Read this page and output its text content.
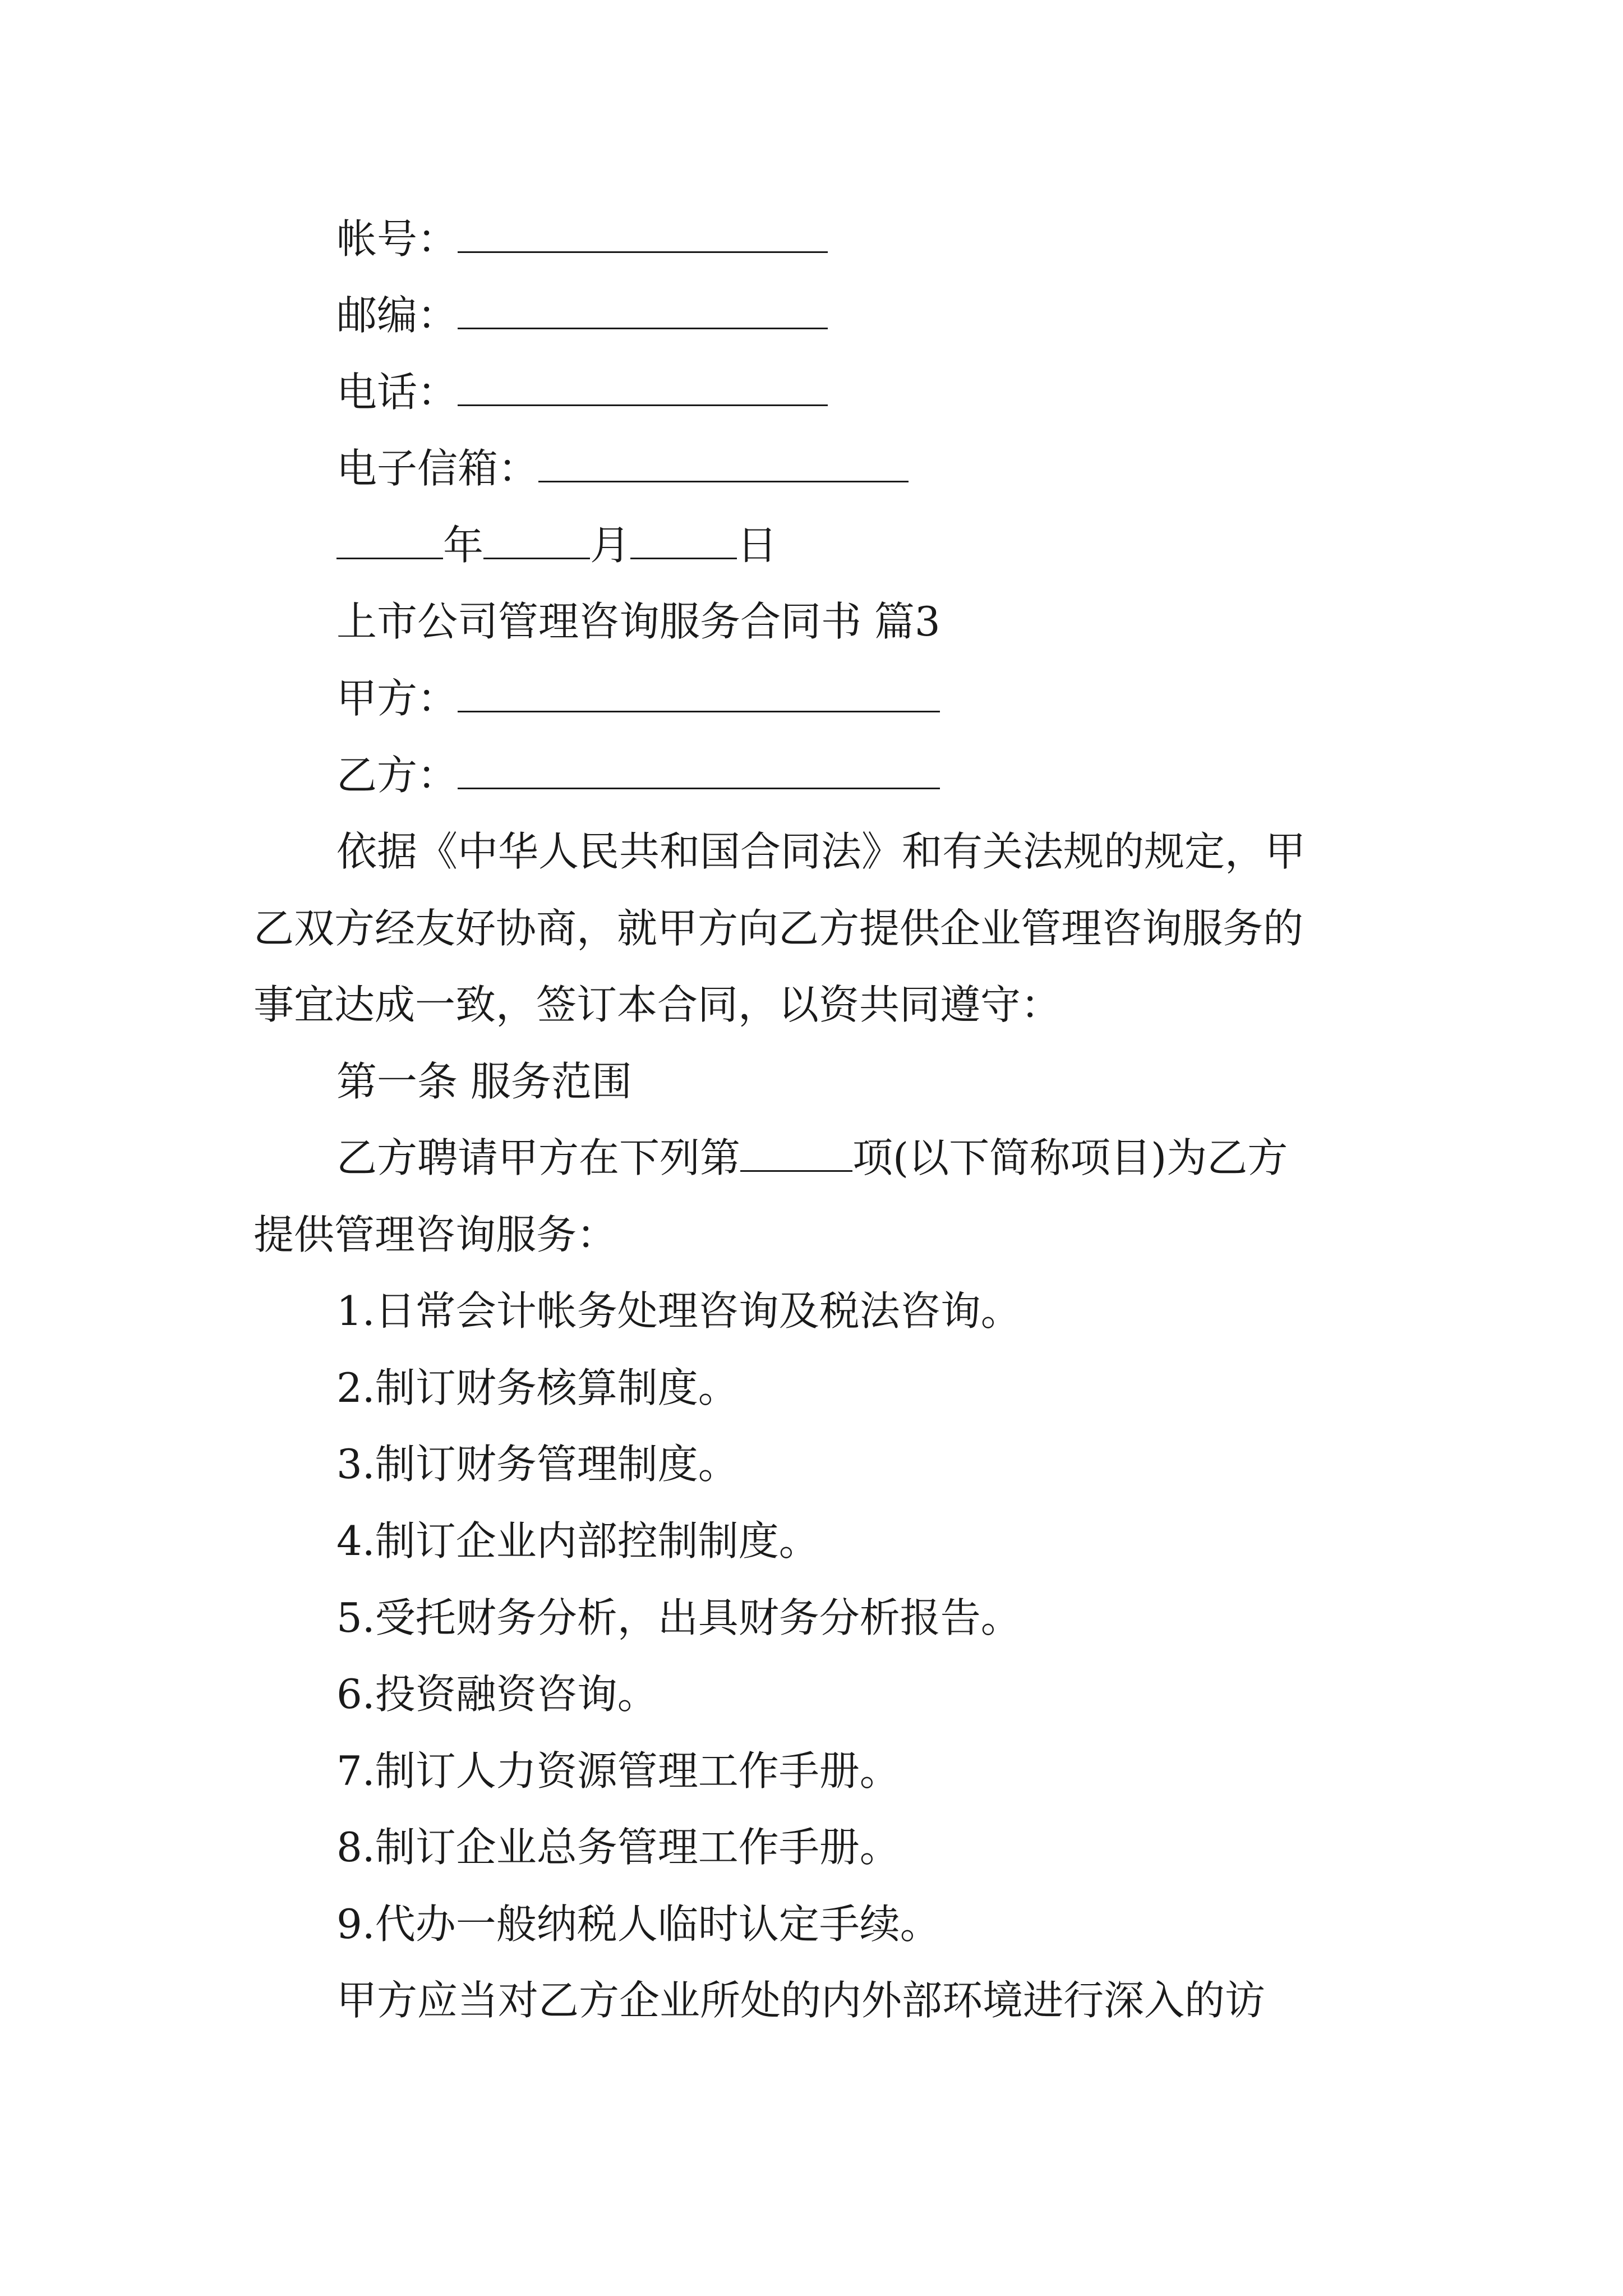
帐号：
邮编：
电话：
电子信箱：
年	月	日
上市公司管理咨询服务合同书 篇3
甲方：
乙方：
依据《中华人民共和国合同法》和有关法规的规定，甲
乙双方经友好协商，就甲方向乙方提供企业管理咨询服务的
事宜达成一致，签订本合同，以资共同遵守：
第一条 服务范围
乙方聘请甲方在下列第	项(以下简称项目)为乙方
提供管理咨询服务：
1.日常会计帐务处理咨询及税法咨询。
2.制订财务核算制度。
3.制订财务管理制度。
4.制订企业内部控制制度。
5.受托财务分析，出具财务分析报告。
6.投资融资咨询。
7.制订人力资源管理工作手册。
8.制订企业总务管理工作手册。
9.代办一般纳税人临时认定手续。
甲方应当对乙方企业所处的内外部环境进行深入的访
